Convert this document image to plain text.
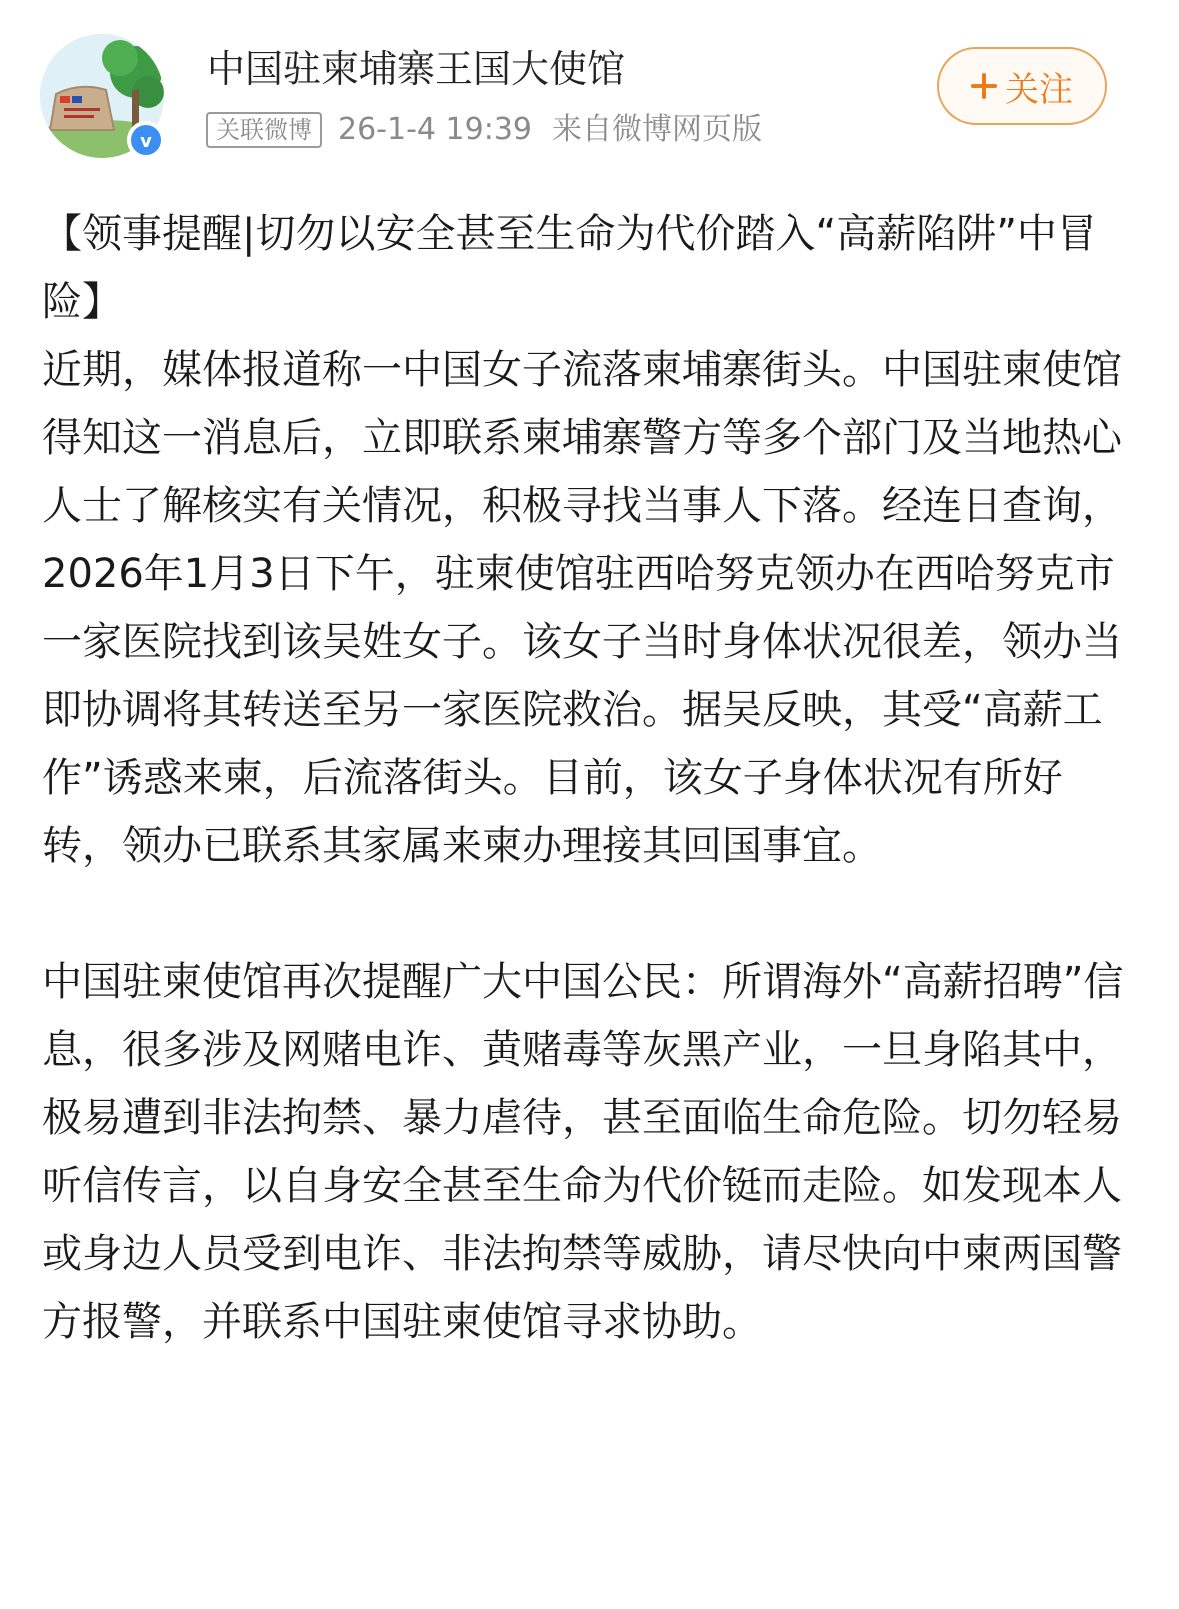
v
中国驻柬埔寨王国大使馆
关联微博 26-1-4 19:39 来自微博网页版
关注

【领事提醒|切勿以安全甚至生命为代价踏入“高薪陷阱”中冒险】

近期，媒体报道称一中国女子流落柬埔寨街头。中国驻柬使馆得知这一消息后，立即联系柬埔寨警方等多个部门及当地热心人士了解核实有关情况，积极寻找当事人下落。经连日查询，2026年1月3日下午，驻柬使馆驻西哈努克领办在西哈努克市一家医院找到该吴姓女子。该女子当时身体状况很差，领办当即协调将其转送至另一家医院救治。据吴反映，其受“高薪工作”诱惑来柬，后流落街头。目前，该女子身体状况有所好转，领办已联系其家属来柬办理接其回国事宜。

中国驻柬使馆再次提醒广大中国公民：所谓海外“高薪招聘”信息，很多涉及网赌电诈、黄赌毒等灰黑产业，一旦身陷其中，极易遭到非法拘禁、暴力虐待，甚至面临生命危险。切勿轻易听信传言，以自身安全甚至生命为代价铤而走险。如发现本人或身边人员受到电诈、非法拘禁等威胁，请尽快向中柬两国警方报警，并联系中国驻柬使馆寻求协助。
